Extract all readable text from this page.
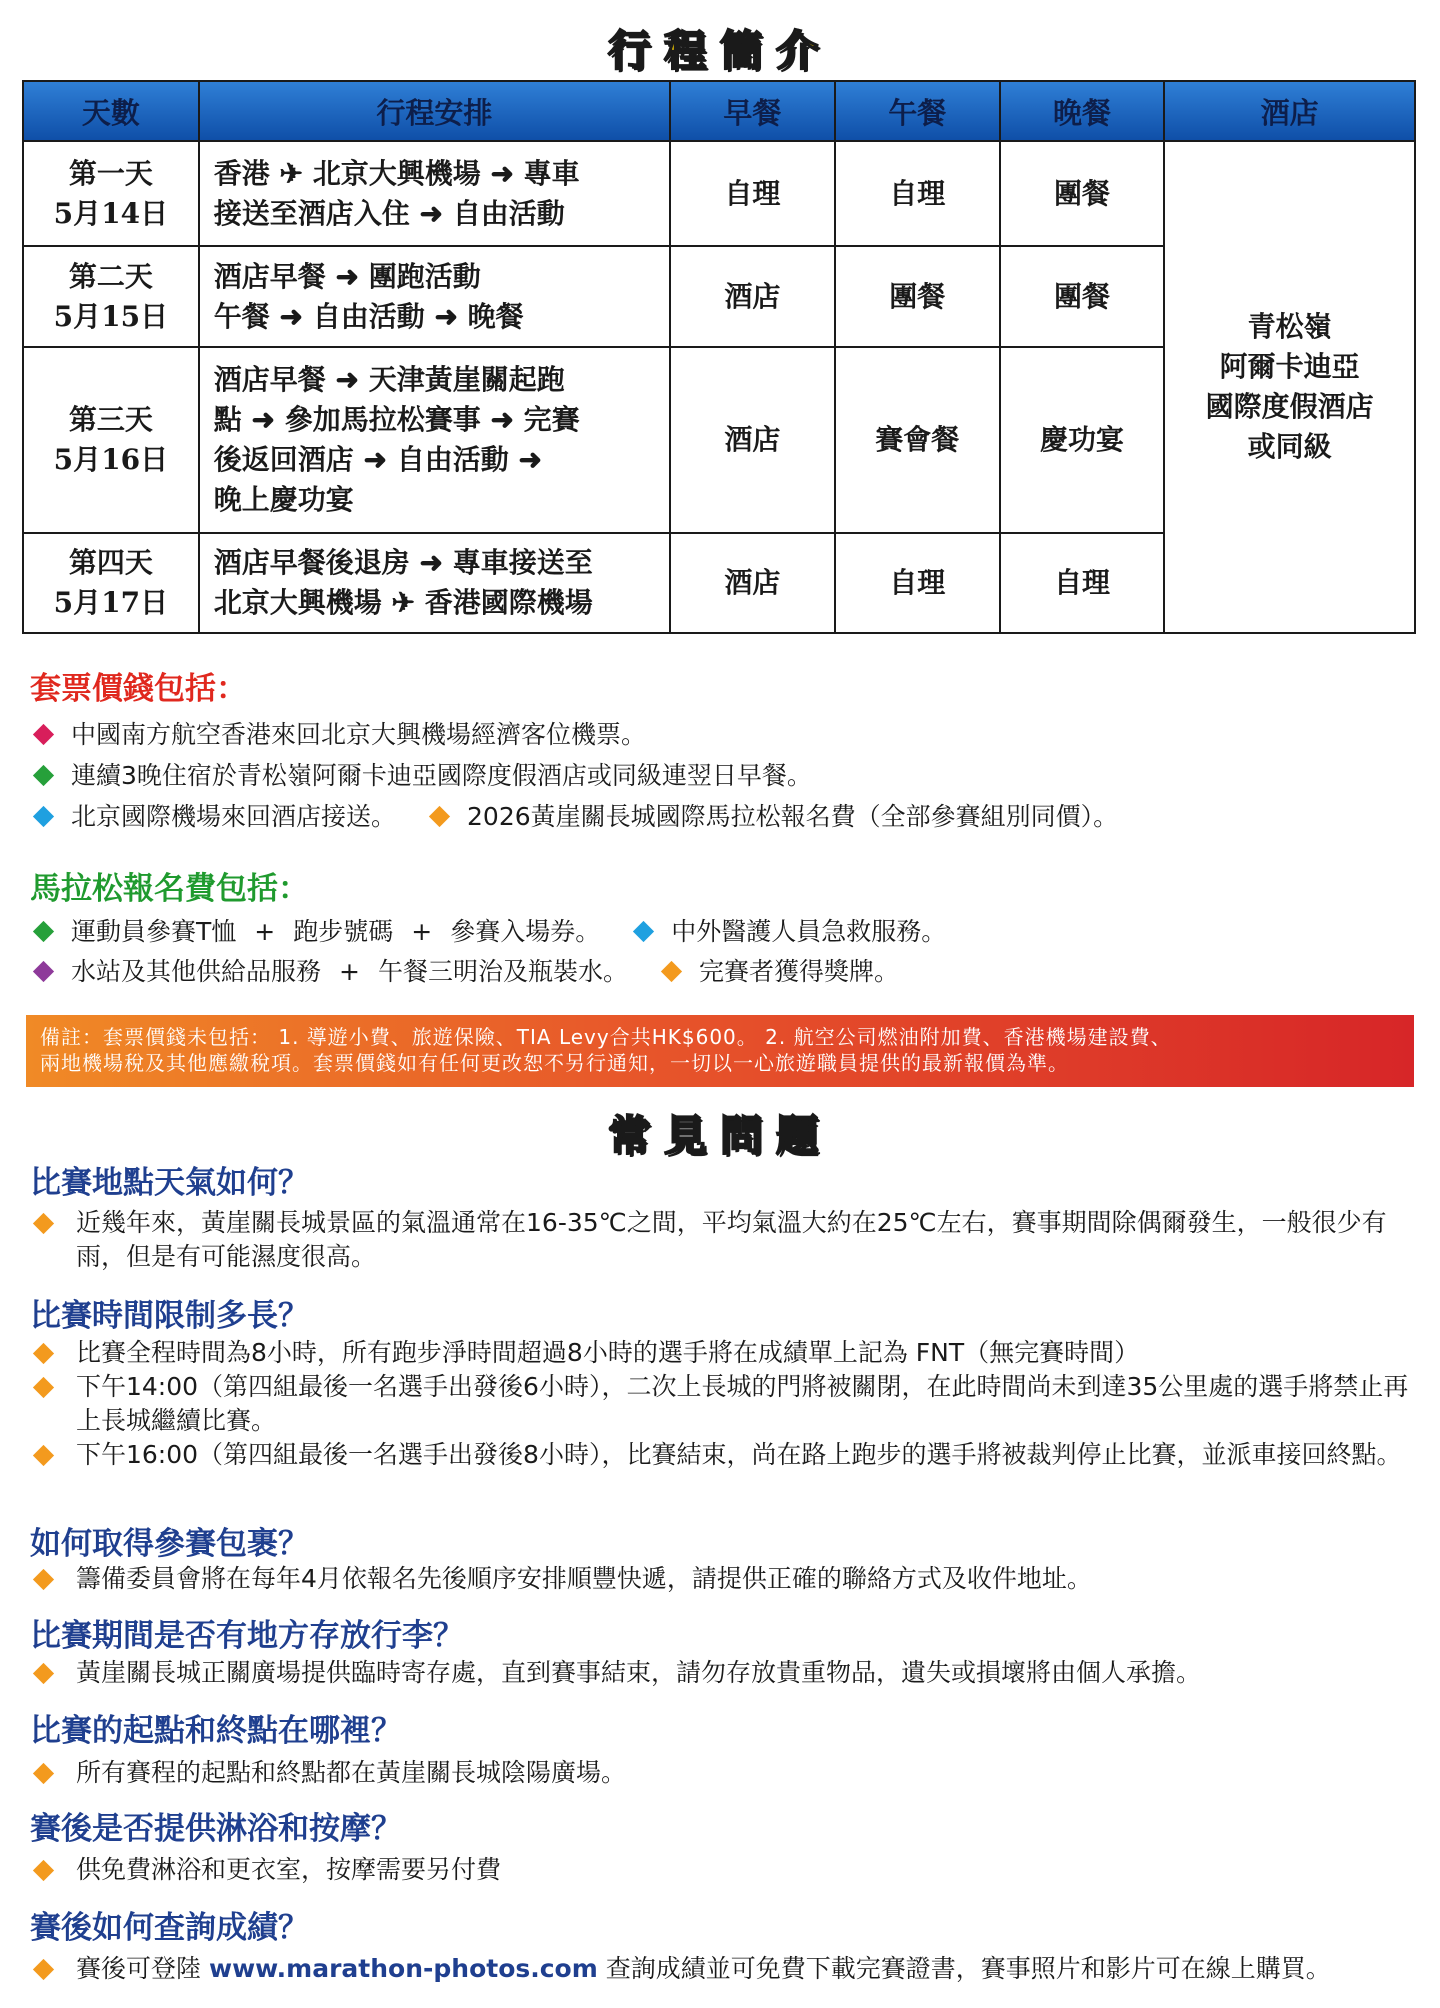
行程簡介
天數	行程安排	早餐	午餐	晚餐	酒店

第一天
5月14日	香港 ✈ 北京大興機場 ➜ 專車
接送至酒店入住 ➜ 自由活動	自理	自理	團餐	青松嶺
阿爾卡迪亞
國際度假酒店
或同級

第二天
5月15日	酒店早餐 ➜ 團跑活動
午餐 ➜ 自由活動 ➜ 晚餐	酒店	團餐	團餐	

第三天
5月16日	酒店早餐 ➜ 天津黃崖關起跑
點 ➜ 參加馬拉松賽事 ➜ 完賽
後返回酒店 ➜ 自由活動 ➜
晚上慶功宴	酒店	賽會餐	慶功宴	

第四天
5月17日	酒店早餐後退房 ➜ 專車接送至
北京大興機場 ✈ 香港國際機場	酒店	自理	自理	
套票價錢包括：
中國南方航空香港來回北京大興機場經濟客位機票。
連續3晚住宿於青松嶺阿爾卡迪亞國際度假酒店或同級連翌日早餐。
北京國際機場來回酒店接送。	2026黃崖關長城國際馬拉松報名費（全部參賽組別同價）。
馬拉松報名費包括：
運動員參賽T恤 + 跑步號碼 + 參賽入場券。	中外醫護人員急救服務。
水站及其他供給品服務 + 午餐三明治及瓶裝水。	完賽者獲得獎牌。
備註：套票價錢未包括： 1. 導遊小費、旅遊保險、TIA Levy合共HK$600。 2. 航空公司燃油附加費、香港機場建設費、
兩地機場稅及其他應繳稅項。套票價錢如有任何更改恕不另行通知，一切以一心旅遊職員提供的最新報價為準。
常見問題
比賽地點天氣如何？
近幾年來，黃崖關長城景區的氣溫通常在16-35℃之間，平均氣溫大約在25℃左右，賽事期間除偶爾發生，一般很少有雨，但是有可能濕度很高。
比賽時間限制多長？
比賽全程時間為8小時，所有跑步淨時間超過8小時的選手將在成績單上記為 FNT（無完賽時間）
下午14:00（第四組最後一名選手出發後6小時），二次上長城的門將被關閉，在此時間尚未到達35公里處的選手將禁止再上長城繼續比賽。
下午16:00（第四組最後一名選手出發後8小時），比賽結束，尚在路上跑步的選手將被裁判停止比賽，並派車接回終點。
如何取得參賽包裹？
籌備委員會將在每年4月依報名先後順序安排順豐快遞，請提供正確的聯絡方式及收件地址。
比賽期間是否有地方存放行李？
黃崖關長城正關廣場提供臨時寄存處，直到賽事結束，請勿存放貴重物品，遺失或損壞將由個人承擔。
比賽的起點和終點在哪裡？
所有賽程的起點和終點都在黃崖關長城陰陽廣場。
賽後是否提供淋浴和按摩？
供免費淋浴和更衣室，按摩需要另付費
賽後如何查詢成績？
賽後可登陸 www.marathon-photos.com 查詢成績並可免費下載完賽證書，賽事照片和影片可在線上購買。
